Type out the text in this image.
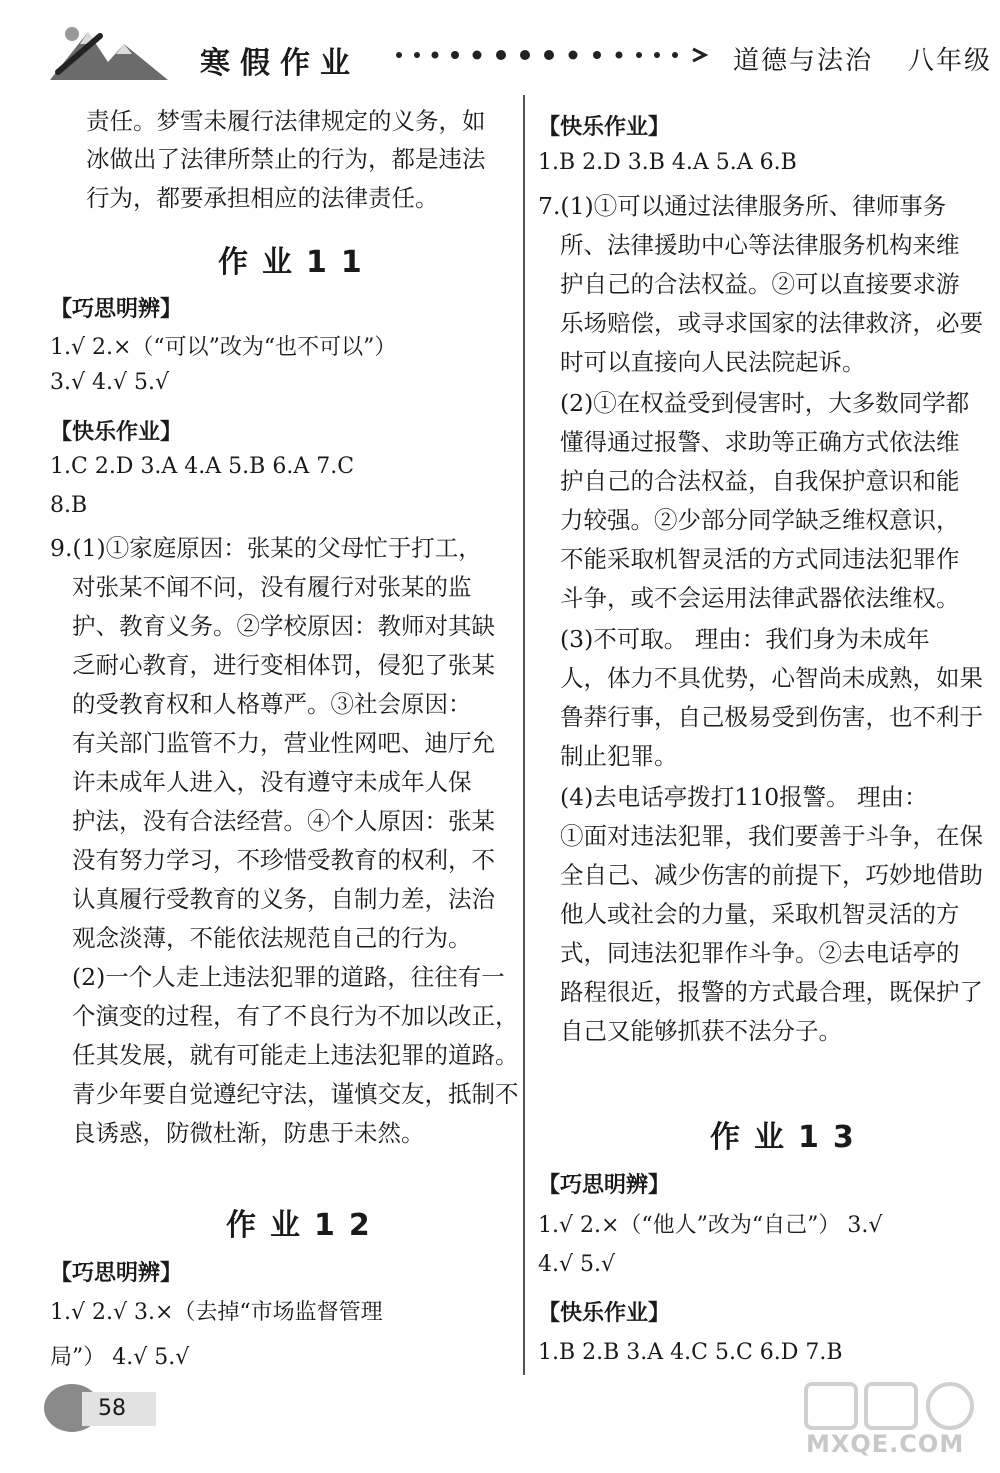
寒假作业	道德与法治 八年级
责任。梦雪未履行法律规定的义务，如
冰做出了法律所禁止的行为，都是违法
行为，都要承担相应的法律责任。
作业11
【巧思明辨】
1.√ 2.×（“可以”改为“也不可以”）
3.√ 4.√ 5.√
【快乐作业】
1.C 2.D 3.A 4.A 5.B 6.A 7.C
8.B
9.(1)①家庭原因：张某的父母忙于打工，
对张某不闻不问，没有履行对张某的监
护、教育义务。②学校原因：教师对其缺
乏耐心教育，进行变相体罚，侵犯了张某
的受教育权和人格尊严。③社会原因：
有关部门监管不力，营业性网吧、迪厅允
许未成年人进入，没有遵守未成年人保
护法，没有合法经营。④个人原因：张某
没有努力学习，不珍惜受教育的权利，不
认真履行受教育的义务，自制力差，法治
观念淡薄，不能依法规范自己的行为。
(2)一个人走上违法犯罪的道路，往往有一
个演变的过程，有了不良行为不加以改正，
任其发展，就有可能走上违法犯罪的道路。
青少年要自觉遵纪守法，谨慎交友，抵制不
良诱惑，防微杜渐，防患于未然。
作业12
【巧思明辨】
1.√ 2.√ 3.×（去掉“市场监督管理
局”） 4.√ 5.√
【快乐作业】
1.B 2.D 3.B 4.A 5.A 6.B
7.(1)①可以通过法律服务所、律师事务
所、法律援助中心等法律服务机构来维
护自己的合法权益。②可以直接要求游
乐场赔偿，或寻求国家的法律救济，必要
时可以直接向人民法院起诉。
(2)①在权益受到侵害时，大多数同学都
懂得通过报警、求助等正确方式依法维
护自己的合法权益，自我保护意识和能
力较强。②少部分同学缺乏维权意识，
不能采取机智灵活的方式同违法犯罪作
斗争，或不会运用法律武器依法维权。
(3)不可取。 理由：我们身为未成年
人，体力不具优势，心智尚未成熟，如果
鲁莽行事，自己极易受到伤害，也不利于
制止犯罪。
(4)去电话亭拨打110报警。 理由：
①面对违法犯罪，我们要善于斗争，在保
全自己、减少伤害的前提下，巧妙地借助
他人或社会的力量，采取机智灵活的方
式，同违法犯罪作斗争。②去电话亭的
路程很近，报警的方式最合理，既保护了
自己又能够抓获不法分子。
作业13
【巧思明辨】
1.√ 2.×（“他人”改为“自己”） 3.√
4.√ 5.√
【快乐作业】
1.B 2.B 3.A 4.C 5.C 6.D 7.B
58
MXQE.COM
